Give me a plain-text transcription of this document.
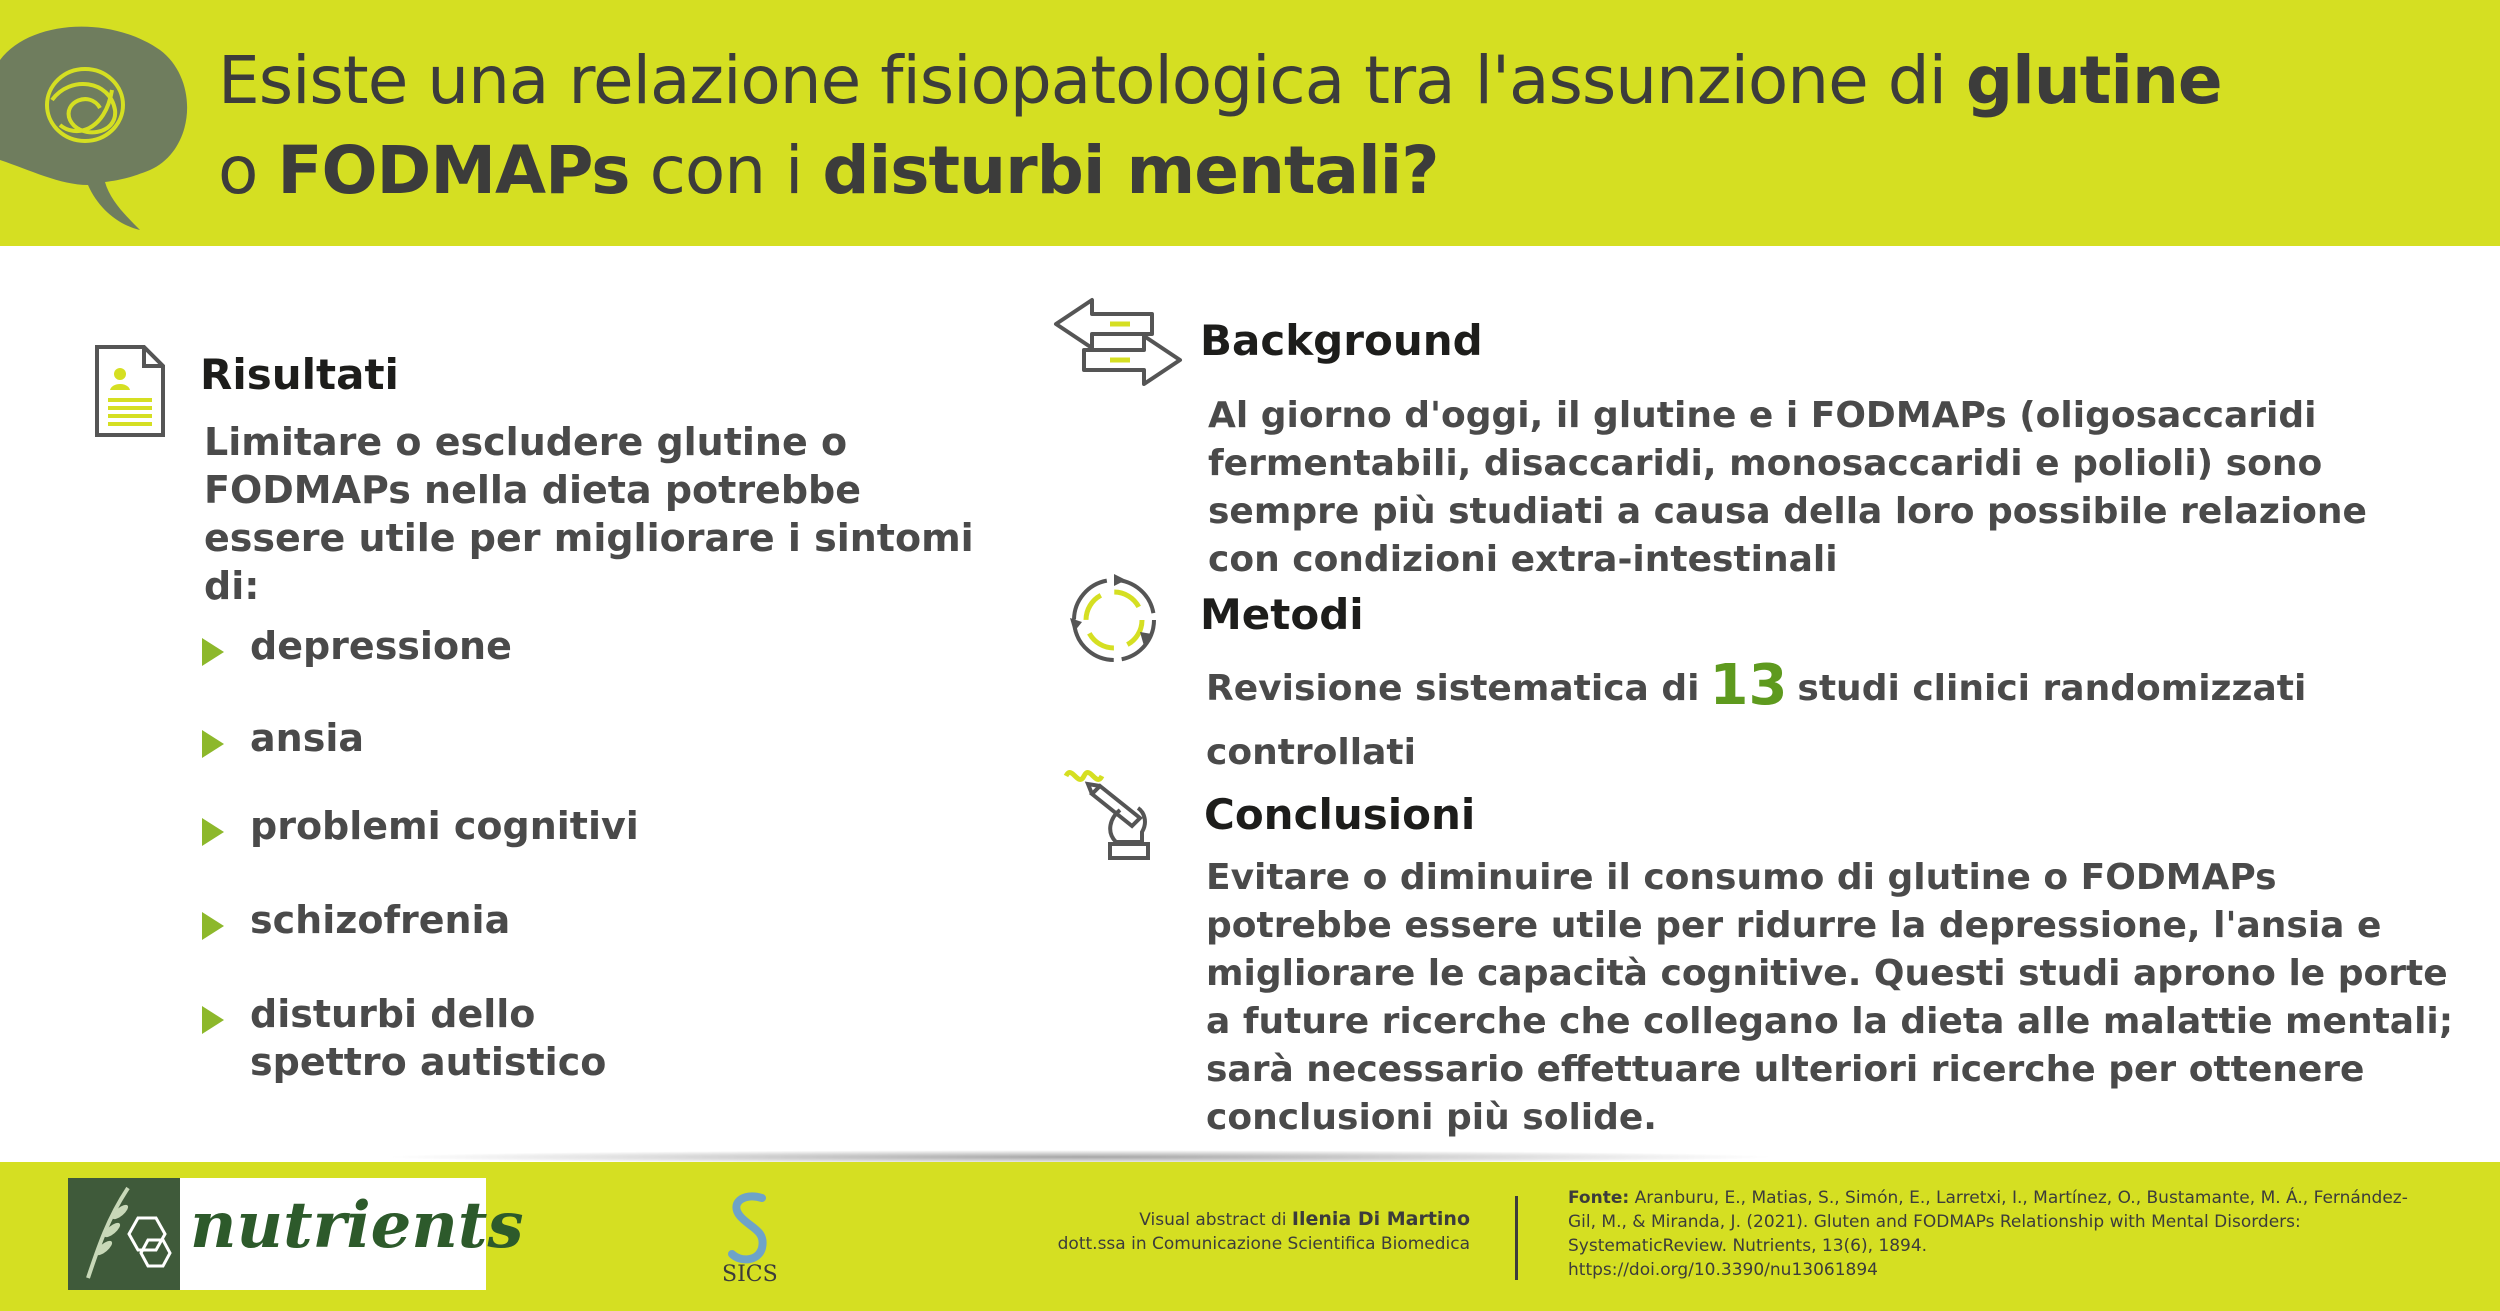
Esiste una relazione fisiopatologica tra l'assunzione di glutine
o FODMAPs con i disturbi mentali?
Risultati
Limitare o escludere glutine o FODMAPs nella dieta potrebbe essere utile per migliorare i sintomi di:
depressione
ansia
problemi cognitivi
schizofrenia
disturbi dello spettro autistico
Background
Al giorno d'oggi, il glutine e i FODMAPs (oligosaccaridi fermentabili, disaccaridi, monosaccaridi e polioli) sono sempre più studiati a causa della loro possibile relazione con condizioni extra-intestinali
Metodi
Revisione sistematica di 13 studi clinici randomizzati controllati
Conclusioni
Evitare o diminuire il consumo di glutine o FODMAPs potrebbe essere utile per ridurre la depressione, l'ansia e migliorare le capacità cognitive. Questi studi aprono le porte a future ricerche che collegano la dieta alle malattie mentali; sarà necessario effettuare ulteriori ricerche per ottenere conclusioni più solide.
nutrients
SICS
Visual abstract di Ilenia Di Martino
dott.ssa in Comunicazione Scientifica Biomedica
Fonte: Aranburu, E., Matias, S., Simón, E., Larretxi, I., Martínez, O., Bustamante, M. Á., Fernández-Gil, M., & Miranda, J. (2021). Gluten and FODMAPs Relationship with Mental Disorders: SystematicReview. Nutrients, 13(6), 1894.
https://doi.org/10.3390/nu13061894
